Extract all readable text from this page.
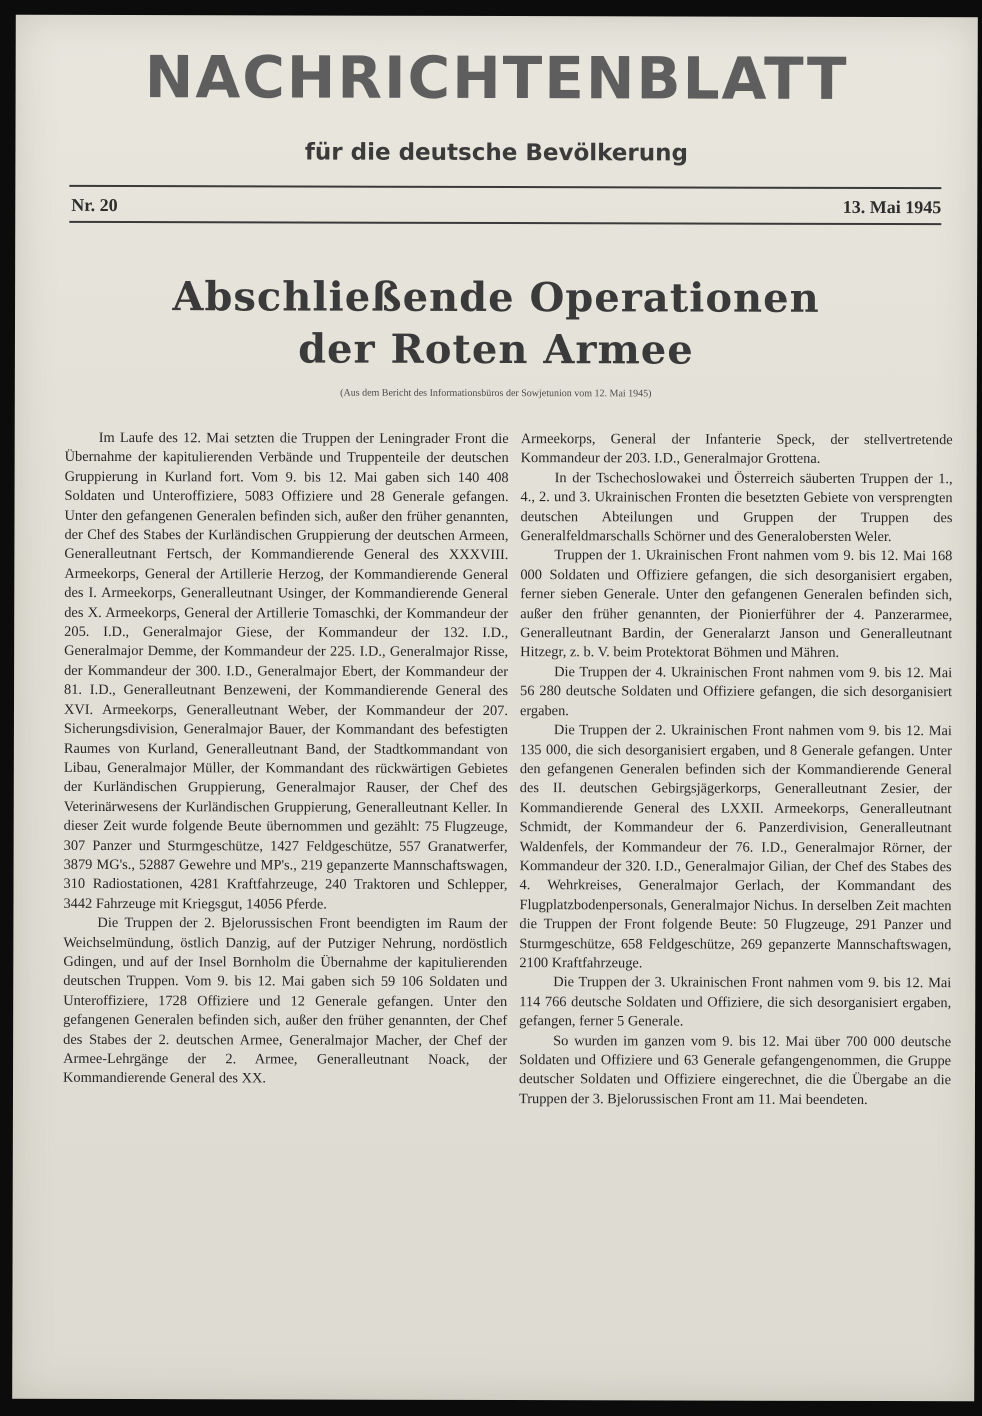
NACHRICHTENBLATT
für die deutsche Bevölkerung
Nr. 20	13. Mai 1945
Abschließende Operationen
der Roten Armee
(Aus dem Bericht des Informationsbüros der Sowjetunion vom 12. Mai 1945)

Im Laufe des 12. Mai setzten die Truppen der Leningrader Front die Übernahme der kapitulierenden Verbände und Truppenteile der deutschen Gruppierung in Kurland fort. Vom 9. bis 12. Mai gaben sich 140 408 Soldaten und Unteroffiziere, 5083 Offiziere und 28 Generale gefangen. Unter den gefangenen Generalen befinden sich, außer den früher genannten, der Chef des Stabes der Kurländischen Gruppierung der deutschen Armeen, Generalleutnant Fertsch, der Kommandierende General des XXXVIII. Armeekorps, General der Artillerie Herzog, der Kommandierende General des I. Armeekorps, Generalleutnant Usinger, der Kommandierende General des X. Armeekorps, General der Artillerie Tomaschki, der Kommandeur der 205. I.D., Generalmajor Giese, der Kommandeur der 132. I.D., Generalmajor Demme, der Kommandeur der 225. I.D., Generalmajor Risse, der Kommandeur der 300. I.D., Generalmajor Ebert, der Kommandeur der 81. I.D., Generalleutnant Benzeweni, der Kommandierende General des XVI. Armeekorps, Generalleutnant Weber, der Kommandeur der 207. Sicherungsdivision, Generalmajor Bauer, der Kommandant des befestigten Raumes von Kurland, Generalleutnant Band, der Stadtkommandant von Libau, Generalmajor Müller, der Kommandant des rückwärtigen Gebietes der Kurländischen Gruppierung, Generalmajor Rauser, der Chef des Veterinärwesens der Kurländischen Gruppierung, Generalleutnant Keller. In dieser Zeit wurde folgende Beute übernommen und gezählt: 75 Flugzeuge, 307 Panzer und Sturmgeschütze, 1427 Feldgeschütze, 557 Granatwerfer, 3879 MG's., 52887 Gewehre und MP's., 219 gepanzerte Mannschaftswagen, 310 Radiostationen, 4281 Kraftfahrzeuge, 240 Traktoren und Schlepper, 3442 Fahrzeuge mit Kriegsgut, 14056 Pferde.

Die Truppen der 2. Bjelorussischen Front beendigten im Raum der Weichselmündung, östlich Danzig, auf der Putziger Nehrung, nordöstlich Gdingen, und auf der Insel Bornholm die Übernahme der kapitulierenden deutschen Truppen. Vom 9. bis 12. Mai gaben sich 59 106 Soldaten und Unteroffiziere, 1728 Offiziere und 12 Generale gefangen. Unter den gefangenen Generalen befinden sich, außer den früher genannten, der Chef des Stabes der 2. deutschen Armee, Generalmajor Macher, der Chef der Armee-Lehrgänge der 2. Armee, Generalleutnant Noack, der Kommandierende General des XX.

Armeekorps, General der Infanterie Speck, der stellvertretende Kommandeur der 203. I.D., Generalmajor Grottena.

In der Tschechoslowakei und Österreich säuberten Truppen der 1., 4., 2. und 3. Ukrainischen Fronten die besetzten Gebiete von versprengten deutschen Abteilungen und Gruppen der Truppen des Generalfeldmarschalls Schörner und des Generalobersten Weler.

Truppen der 1. Ukrainischen Front nahmen vom 9. bis 12. Mai 168 000 Soldaten und Offiziere gefangen, die sich desorganisiert ergaben, ferner sieben Generale. Unter den gefangenen Generalen befinden sich, außer den früher genannten, der Pionierführer der 4. Panzerarmee, Generalleutnant Bardin, der Generalarzt Janson und Generalleutnant Hitzegr, z. b. V. beim Protektorat Böhmen und Mähren.

Die Truppen der 4. Ukrainischen Front nahmen vom 9. bis 12. Mai 56 280 deutsche Soldaten und Offiziere gefangen, die sich desorganisiert ergaben.

Die Truppen der 2. Ukrainischen Front nahmen vom 9. bis 12. Mai 135 000, die sich desorganisiert ergaben, und 8 Generale gefangen. Unter den gefangenen Generalen befinden sich der Kommandierende General des II. deutschen Gebirgsjägerkorps, Generalleutnant Zesier, der Kommandierende General des LXXII. Armeekorps, Generalleutnant Schmidt, der Kommandeur der 6. Panzerdivision, Generalleutnant Waldenfels, der Kommandeur der 76. I.D., Generalmajor Rörner, der Kommandeur der 320. I.D., Generalmajor Gilian, der Chef des Stabes des 4. Wehrkreises, Generalmajor Gerlach, der Kommandant des Flugplatzbodenpersonals, Generalmajor Nichus. In derselben Zeit machten die Truppen der Front folgende Beute: 50 Flugzeuge, 291 Panzer und Sturmgeschütze, 658 Feldgeschütze, 269 gepanzerte Mannschaftswagen, 2100 Kraftfahrzeuge.

Die Truppen der 3. Ukrainischen Front nahmen vom 9. bis 12. Mai 114 766 deutsche Soldaten und Offiziere, die sich desorganisiert ergaben, gefangen, ferner 5 Generale.

So wurden im ganzen vom 9. bis 12. Mai über 700 000 deutsche Soldaten und Offiziere und 63 Generale gefangengenommen, die Gruppe deutscher Soldaten und Offiziere eingerechnet, die die Übergabe an die Truppen der 3. Bjelorussischen Front am 11. Mai beendeten.
